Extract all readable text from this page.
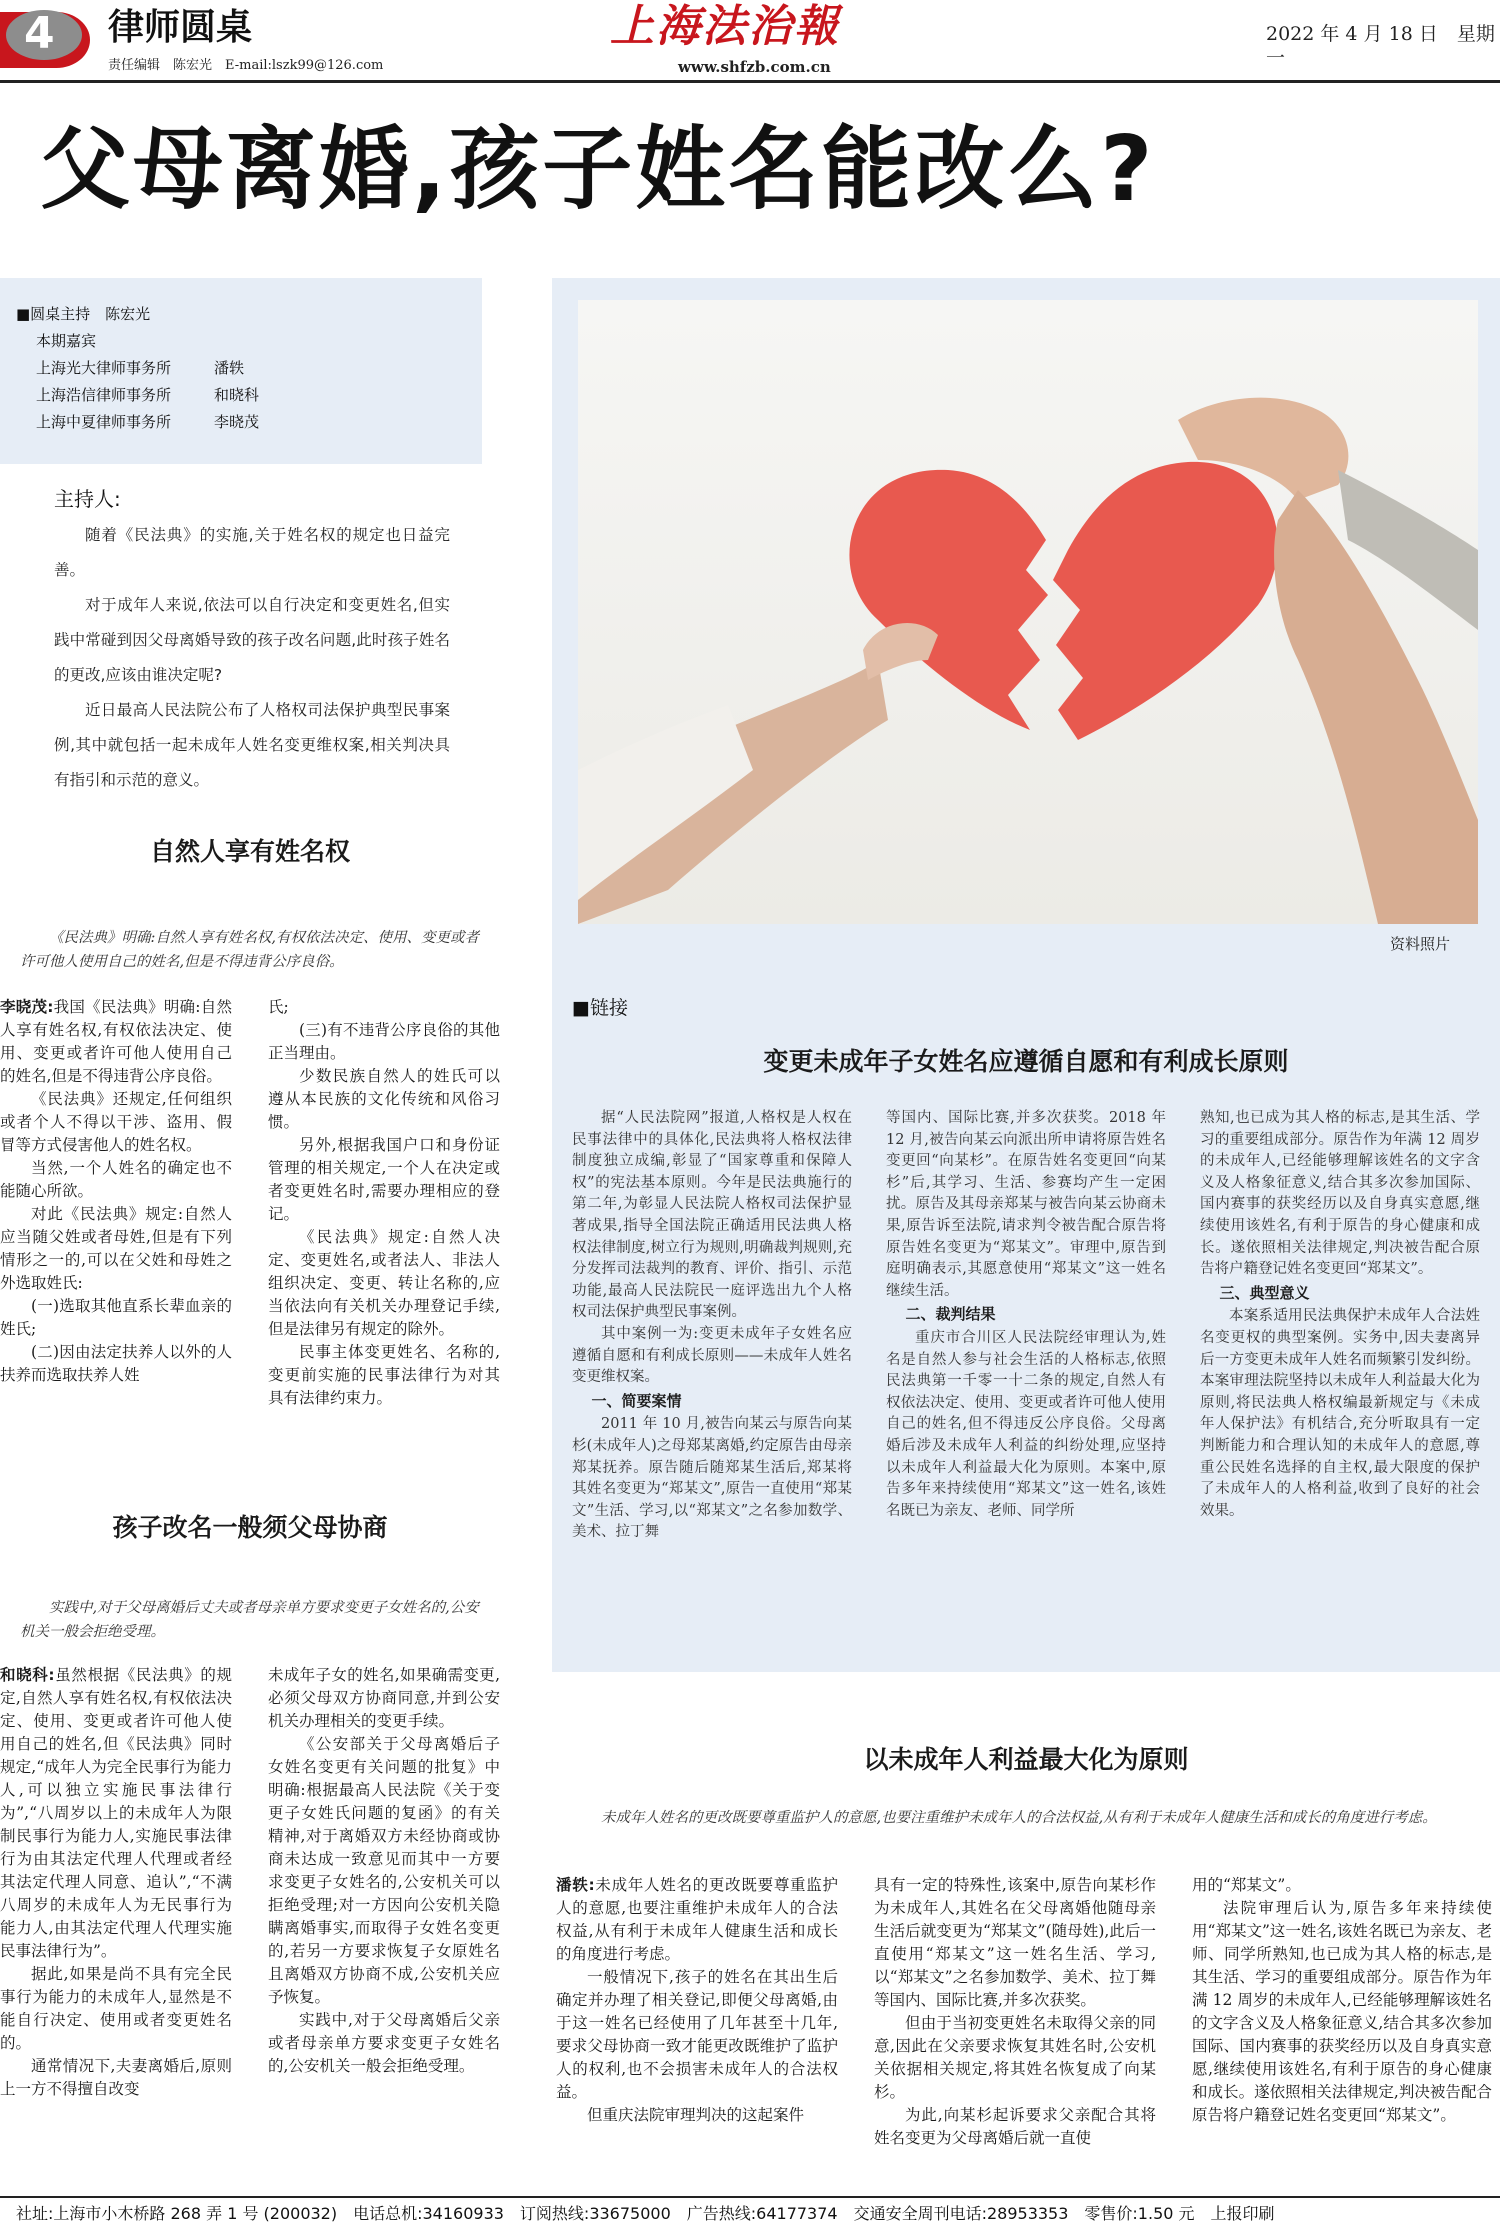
4 律师圆桌
责任编辑　陈宏光　E-mail:lszk99@126.com
上海法治報
www.shfzb.com.cn
2022 年 4 月 18 日　星期一
父母离婚,孩子姓名能改么?
■圆桌主持　陈宏光
本期嘉宾
上海光大律师事务所	潘轶
上海浩信律师事务所	和晓科
上海中夏律师事务所	李晓茂
主持人:

随着《民法典》的实施,关于姓名权的规定也日益完善。

对于成年人来说,依法可以自行决定和变更姓名,但实践中常碰到因父母离婚导致的孩子改名问题,此时孩子姓名的更改,应该由谁决定呢?

近日最高人民法院公布了人格权司法保护典型民事案例,其中就包括一起未成年人姓名变更维权案,相关判决具有指引和示范的意义。

自然人享有姓名权
《民法典》明确:自然人享有姓名权,有权依法决定、使用、变更或者许可他人使用自己的姓名,但是不得违背公序良俗。

李晓茂:我国《民法典》明确:自然人享有姓名权,有权依法决定、使用、变更或者许可他人使用自己的姓名,但是不得违背公序良俗。

《民法典》还规定,任何组织或者个人不得以干涉、盗用、假冒等方式侵害他人的姓名权。

当然,一个人姓名的确定也不能随心所欲。

对此《民法典》规定:自然人应当随父姓或者母姓,但是有下列情形之一的,可以在父姓和母姓之外选取姓氏:

(一)选取其他直系长辈血亲的姓氏;

(二)因由法定扶养人以外的人扶养而选取扶养人姓

氏;

(三)有不违背公序良俗的其他正当理由。

少数民族自然人的姓氏可以遵从本民族的文化传统和风俗习惯。

另外,根据我国户口和身份证管理的相关规定,一个人在决定或者变更姓名时,需要办理相应的登记。

《民法典》规定:自然人决定、变更姓名,或者法人、非法人组织决定、变更、转让名称的,应当依法向有关机关办理登记手续,但是法律另有规定的除外。

民事主体变更姓名、名称的,变更前实施的民事法律行为对其具有法律约束力。

孩子改名一般须父母协商
实践中,对于父母离婚后丈夫或者母亲单方要求变更子女姓名的,公安机关一般会拒绝受理。

和晓科:虽然根据《民法典》的规定,自然人享有姓名权,有权依法决定、使用、变更或者许可他人使用自己的姓名,但《民法典》同时规定,“成年人为完全民事行为能力人,可以独立实施民事法律行为”,“八周岁以上的未成年人为限制民事行为能力人,实施民事法律行为由其法定代理人代理或者经其法定代理人同意、追认”,“不满八周岁的未成年人为无民事行为能力人,由其法定代理人代理实施民事法律行为”。

据此,如果是尚不具有完全民事行为能力的未成年人,显然是不能自行决定、使用或者变更姓名的。

通常情况下,夫妻离婚后,原则上一方不得擅自改变

未成年子女的姓名,如果确需变更,必须父母双方协商同意,并到公安机关办理相关的变更手续。

《公安部关于父母离婚后子女姓名变更有关问题的批复》中明确:根据最高人民法院《关于变更子女姓氏问题的复函》的有关精神,对于离婚双方未经协商或协商未达成一致意见而其中一方要求变更子女姓名的,公安机关可以拒绝受理;对一方因向公安机关隐瞒离婚事实,而取得子女姓名变更的,若另一方要求恢复子女原姓名且离婚双方协商不成,公安机关应予恢复。

实践中,对于父母离婚后父亲或者母亲单方要求变更子女姓名的,公安机关一般会拒绝受理。

资料照片
■链接
变更未成年子女姓名应遵循自愿和有利成长原则

据“人民法院网”报道,人格权是人权在民事法律中的具体化,民法典将人格权法律制度独立成编,彰显了“国家尊重和保障人权”的宪法基本原则。今年是民法典施行的第二年,为彰显人民法院人格权司法保护显著成果,指导全国法院正确适用民法典人格权法律制度,树立行为规则,明确裁判规则,充分发挥司法裁判的教育、评价、指引、示范功能,最高人民法院民一庭评选出九个人格权司法保护典型民事案例。

其中案例一为:变更未成年子女姓名应遵循自愿和有利成长原则——未成年人姓名变更维权案。

一、简要案情

2011 年 10 月,被告向某云与原告向某杉(未成年人)之母郑某离婚,约定原告由母亲郑某抚养。原告随后随郑某生活后,郑某将其姓名变更为“郑某文”,原告一直使用“郑某文”生活、学习,以“郑某文”之名参加数学、美术、拉丁舞

等国内、国际比赛,并多次获奖。2018 年 12 月,被告向某云向派出所申请将原告姓名变更回“向某杉”。在原告姓名变更回“向某杉”后,其学习、生活、参赛均产生一定困扰。原告及其母亲郑某与被告向某云协商未果,原告诉至法院,请求判令被告配合原告将原告姓名变更为“郑某文”。审理中,原告到庭明确表示,其愿意使用“郑某文”这一姓名继续生活。

二、裁判结果

重庆市合川区人民法院经审理认为,姓名是自然人参与社会生活的人格标志,依照民法典第一千零一十二条的规定,自然人有权依法决定、使用、变更或者许可他人使用自己的姓名,但不得违反公序良俗。父母离婚后涉及未成年人利益的纠纷处理,应坚持以未成年人利益最大化为原则。本案中,原告多年来持续使用“郑某文”这一姓名,该姓名既已为亲友、老师、同学所

熟知,也已成为其人格的标志,是其生活、学习的重要组成部分。原告作为年满 12 周岁的未成年人,已经能够理解该姓名的文字含义及人格象征意义,结合其多次参加国际、国内赛事的获奖经历以及自身真实意愿,继续使用该姓名,有利于原告的身心健康和成长。遂依照相关法律规定,判决被告配合原告将户籍登记姓名变更回“郑某文”。

三、典型意义

本案系适用民法典保护未成年人合法姓名变更权的典型案例。实务中,因夫妻离异后一方变更未成年人姓名而频繁引发纠纷。本案审理法院坚持以未成年人利益最大化为原则,将民法典人格权编最新规定与《未成年人保护法》有机结合,充分听取具有一定判断能力和合理认知的未成年人的意愿,尊重公民姓名选择的自主权,最大限度的保护了未成年人的人格利益,收到了良好的社会效果。

以未成年人利益最大化为原则
未成年人姓名的更改既要尊重监护人的意愿,也要注重维护未成年人的合法权益,从有利于未成年人健康生活和成长的角度进行考虑。

潘轶:未成年人姓名的更改既要尊重监护人的意愿,也要注重维护未成年人的合法权益,从有利于未成年人健康生活和成长的角度进行考虑。

一般情况下,孩子的姓名在其出生后确定并办理了相关登记,即便父母离婚,由于这一姓名已经使用了几年甚至十几年,要求父母协商一致才能更改既维护了监护人的权利,也不会损害未成年人的合法权益。

但重庆法院审理判决的这起案件

具有一定的特殊性,该案中,原告向某杉作为未成年人,其姓名在父母离婚他随母亲生活后就变更为“郑某文”(随母姓),此后一直使用“郑某文”这一姓名生活、学习,以“郑某文”之名参加数学、美术、拉丁舞等国内、国际比赛,并多次获奖。

但由于当初变更姓名未取得父亲的同意,因此在父亲要求恢复其姓名时,公安机关依据相关规定,将其姓名恢复成了向某杉。

为此,向某杉起诉要求父亲配合其将姓名变更为父母离婚后就一直使

用的“郑某文”。

法院审理后认为,原告多年来持续使用“郑某文”这一姓名,该姓名既已为亲友、老师、同学所熟知,也已成为其人格的标志,是其生活、学习的重要组成部分。原告作为年满 12 周岁的未成年人,已经能够理解该姓名的文字含义及人格象征意义,结合其多次参加国际、国内赛事的获奖经历以及自身真实意愿,继续使用该姓名,有利于原告的身心健康和成长。遂依照相关法律规定,判决被告配合原告将户籍登记姓名变更回“郑某文”。

社址:上海市小木桥路 268 弄 1 号 (200032)　电话总机:34160933　订阅热线:33675000　广告热线:64177374　交通安全周刊电话:28953353　零售价:1.50 元　上报印刷
